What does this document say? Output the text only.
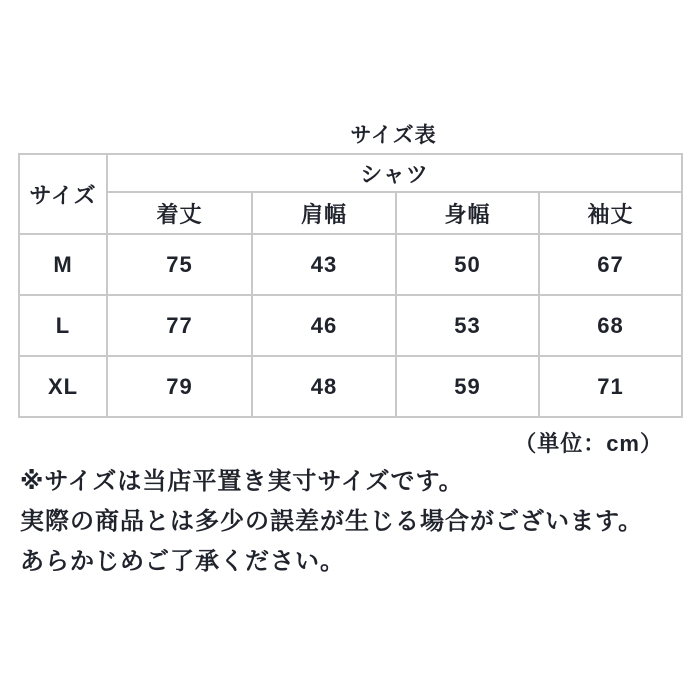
サイズ表
サイズ	シャツ			
	着丈	肩幅	身幅	袖丈
M	75	43	50	67
L	77	46	53	68
XL	79	48	59	71
（単位：cm）
※サイズは当店平置き実寸サイズです。
実際の商品とは多少の誤差が生じる場合がございます。
あらかじめご了承ください。
